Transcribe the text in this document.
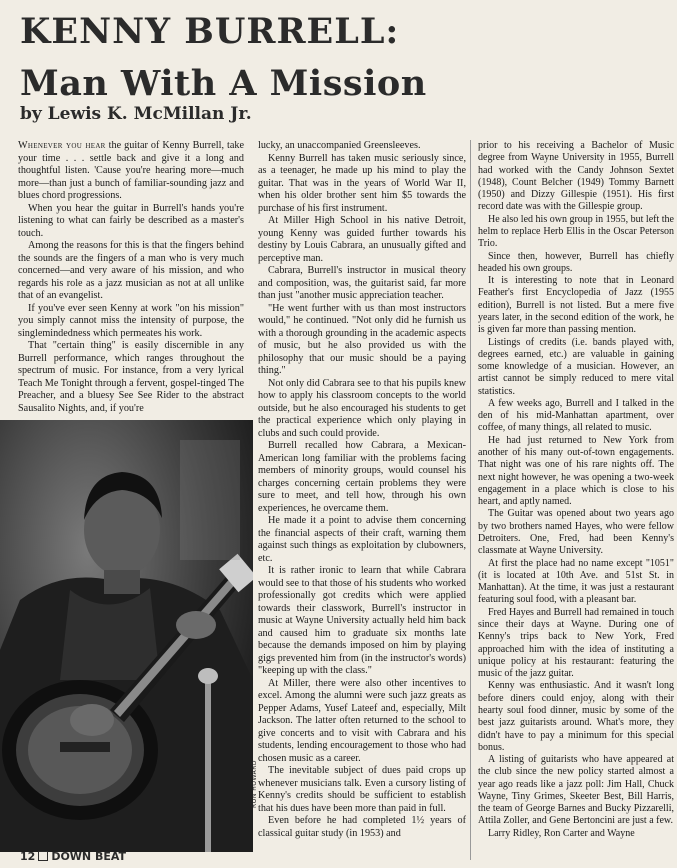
KENNY BURRELL:
Man With A Mission
by Lewis K. McMillan Jr.

Whenever you hear the guitar of Kenny Burrell, take your time . . . settle back and give it a long and thoughtful listen. 'Cause you're hearing more—much more—than just a bunch of familiar-sounding jazz and blues chord progressions.

When you hear the guitar in Burrell's hands you're listening to what can fairly be described as a master's touch.

Among the reasons for this is that the fingers behind the sounds are the fingers of a man who is very much concerned—and very aware of his mission, and who regards his role as a jazz musician as not at all unlike that of an evangelist.

If you've ever seen Kenny at work "on his mission" you simply cannot miss the intensity of purpose, the singlemindedness which permeates his work.

That "certain thing" is easily discernible in any Burrell performance, which ranges throughout the spectrum of music. For instance, from a very lyrical Teach Me Tonight through a fervent, gospel-tinged The Preacher, and a bluesy See See Rider to the abstract Sausalito Nights, and, if you're

RON HOWARD

lucky, an unaccompanied Greensleeves.

Kenny Burrell has taken music seriously since, as a teenager, he made up his mind to play the guitar. That was in the years of World War II, when his older brother sent him $5 towards the purchase of his first instrument.

At Miller High School in his native Detroit, young Kenny was guided further towards his destiny by Louis Cabrara, an unusually gifted and perceptive man.

Cabrara, Burrell's instructor in musical theory and composition, was, the guitarist said, far more than just "another music appreciation teacher.

"He went further with us than most instructors would," he continued. "Not only did he furnish us with a thorough grounding in the academic aspects of music, but he also provided us with the philosophy that our music should be a paying thing."

Not only did Cabrara see to that his pupils knew how to apply his classroom concepts to the world outside, but he also encouraged his students to get the practical experience which only playing in clubs and such could provide.

Burrell recalled how Cabrara, a Mexican-American long familiar with the problems facing members of minority groups, would counsel his charges concerning certain problems they were sure to meet, and tell how, through his own experiences, he overcame them.

He made it a point to advise them concerning the financial aspects of their craft, warning them against such things as exploitation by clubowners, etc.

It is rather ironic to learn that while Cabrara would see to that those of his students who worked professionally got credits which were applied towards their classwork, Burrell's instructor in music at Wayne University actually held him back and caused him to graduate six months late because the demands imposed on him by playing gigs prevented him from (in the instructor's words) "keeping up with the class."

At Miller, there were also other incentives to excel. Among the alumni were such jazz greats as Pepper Adams, Yusef Lateef and, especially, Milt Jackson. The latter often returned to the school to give concerts and to visit with Cabrara and his students, lending encouragement to those who had chosen music as a career.

The inevitable subject of dues paid crops up whenever musicians talk. Even a cursory listing of Kenny's credits should be sufficient to establish that his dues have been more than paid in full.

Even before he had completed 1½ years of classical guitar study (in 1953) and

prior to his receiving a Bachelor of Music degree from Wayne University in 1955, Burrell had worked with the Candy Johnson Sextet (1948), Count Belcher (1949) Tommy Barnett (1950) and Dizzy Gillespie (1951). His first record date was with the Gillespie group.

He also led his own group in 1955, but left the helm to replace Herb Ellis in the Oscar Peterson Trio.

Since then, however, Burrell has chiefly headed his own groups.

It is interesting to note that in Leonard Feather's first Encyclopedia of Jazz (1955 edition), Burrell is not listed. But a mere five years later, in the second edition of the work, he is given far more than passing mention.

Listings of credits (i.e. bands played with, degrees earned, etc.) are valuable in gaining some knowledge of a musician. However, an artist cannot be simply reduced to mere vital statistics.

A few weeks ago, Burrell and I talked in the den of his mid-Manhattan apartment, over coffee, of many things, all related to music.

He had just returned to New York from another of his many out-of-town engagements. That night was one of his rare nights off. The next night however, he was opening a two-week engagement in a place which is close to his heart, and aptly named.

The Guitar was opened about two years ago by two brothers named Hayes, who were fellow Detroiters. One, Fred, had been Kenny's classmate at Wayne University.

At first the place had no name except "1051" (it is located at 10th Ave. and 51st St. in Manhattan). At the time, it was just a restaurant featuring soul food, with a pleasant bar.

Fred Hayes and Burrell had remained in touch since their days at Wayne. During one of Kenny's trips back to New York, Fred approached him with the idea of instituting a unique policy at his restaurant: featuring the music of the jazz guitar.

Kenny was enthusiastic. And it wasn't long before diners could enjoy, along with their hearty soul food dinner, music by some of the best jazz guitarists around. What's more, they didn't have to pay a minimum for this special bonus.

A listing of guitarists who have appeared at the club since the new policy started almost a year ago reads like a jazz poll: Jim Hall, Chuck Wayne, Tiny Grimes, Skeeter Best, Bill Harris, the team of George Barnes and Bucky Pizzarelli, Attila Zoller, and Gene Bertoncini are just a few.

Larry Ridley, Ron Carter and Wayne

12 DOWN BEAT
